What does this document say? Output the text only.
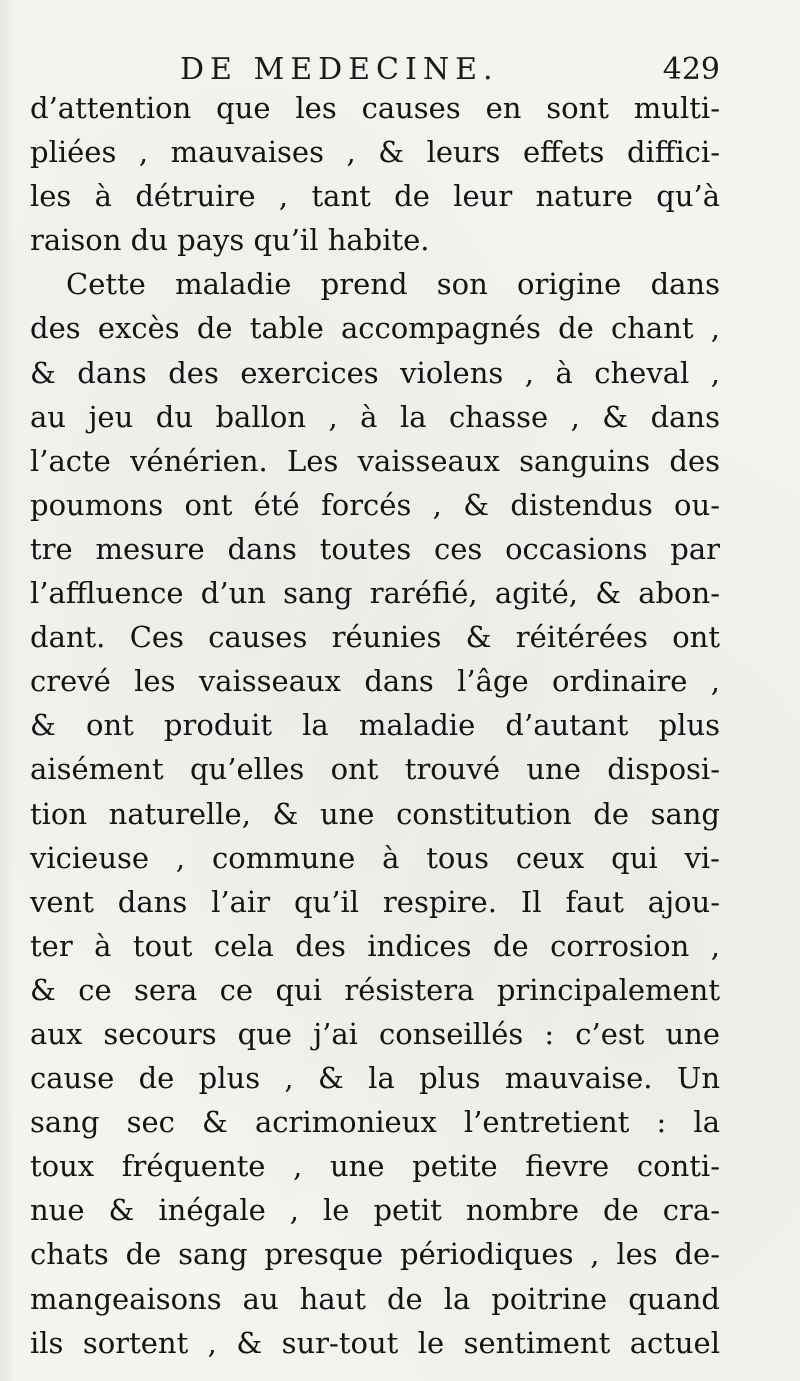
DE MEDECINE.	429
d’attention que les causes en sont multi-
pliées , mauvaises , & leurs effets diffici-
les à détruire , tant de leur nature qu’à
raison du pays qu’il habite.
Cette maladie prend son origine dans
des excès de table accompagnés de chant ,
& dans des exercices violens , à cheval ,
au jeu du ballon , à la chasse , & dans
l’acte vénérien. Les vaisseaux sanguins des
poumons ont été forcés , & distendus ou-
tre mesure dans toutes ces occasions par
l’affluence d’un sang raréfié, agité, & abon-
dant. Ces causes réunies & réitérées ont
crevé les vaisseaux dans l’âge ordinaire ,
& ont produit la maladie d’autant plus
aisément qu’elles ont trouvé une disposi-
tion naturelle, & une constitution de sang
vicieuse , commune à tous ceux qui vi-
vent dans l’air qu’il respire. Il faut ajou-
ter à tout cela des indices de corrosion ,
& ce sera ce qui résistera principalement
aux secours que j’ai conseillés : c’est une
cause de plus , & la plus mauvaise. Un
sang sec & acrimonieux l’entretient : la
toux fréquente , une petite fievre conti-
nue & inégale , le petit nombre de cra-
chats de sang presque périodiques , les de-
mangeaisons au haut de la poitrine quand
ils sortent , & sur-tout le sentiment actuel
